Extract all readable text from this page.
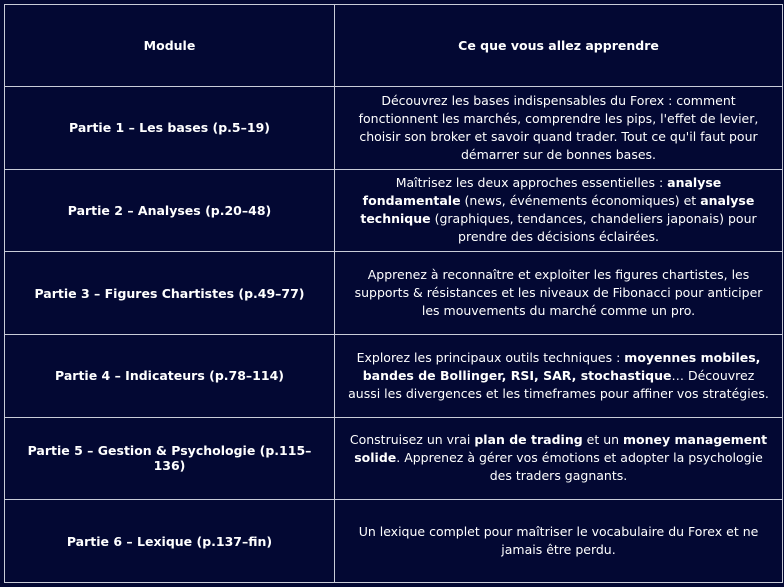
Module	Ce que vous allez apprendre
Partie 1 – Les bases (p.5–19)	Découvrez les bases indispensables du Forex : comment fonctionnent les marchés, comprendre les pips, l'effet de levier, choisir son broker et savoir quand trader. Tout ce qu'il faut pour démarrer sur de bonnes bases.
Partie 2 – Analyses (p.20–48)	Maîtrisez les deux approches essentielles : analyse fondamentale (news, événements économiques) et analyse technique (graphiques, tendances, chandeliers japonais) pour prendre des décisions éclairées.
Partie 3 – Figures Chartistes (p.49–77)	Apprenez à reconnaître et exploiter les figures chartistes, les supports & résistances et les niveaux de Fibonacci pour anticiper les mouvements du marché comme un pro.
Partie 4 – Indicateurs (p.78–114)	Explorez les principaux outils techniques : moyennes mobiles, bandes de Bollinger, RSI, SAR, stochastique… Découvrez aussi les divergences et les timeframes pour affiner vos stratégies.
Partie 5 – Gestion & Psychologie (p.115–136)	Construisez un vrai plan de trading et un money management solide. Apprenez à gérer vos émotions et adopter la psychologie des traders gagnants.
Partie 6 – Lexique (p.137–fin)	Un lexique complet pour maîtriser le vocabulaire du Forex et ne jamais être perdu.
